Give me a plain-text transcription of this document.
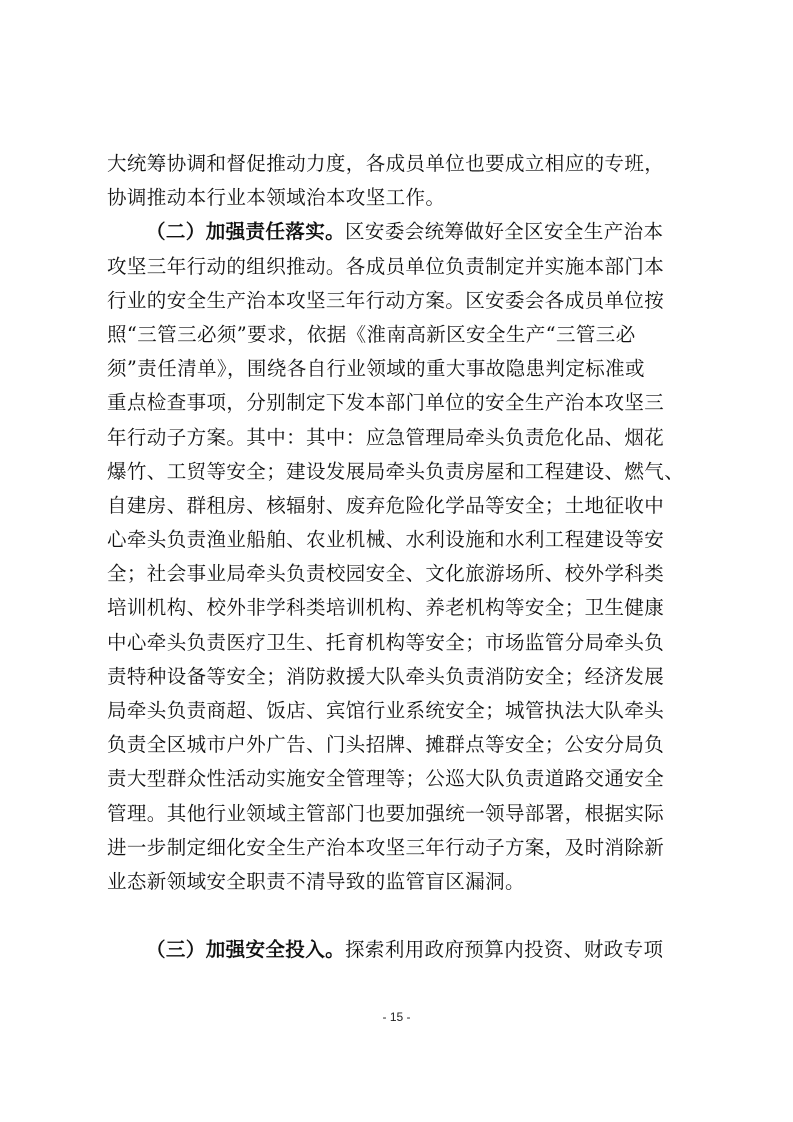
大统筹协调和督促推动力度，各成员单位也要成立相应的专班，
协调推动本行业本领域治本攻坚工作。
（二）加强责任落实。区安委会统筹做好全区安全生产治本
攻坚三年行动的组织推动。各成员单位负责制定并实施本部门本
行业的安全生产治本攻坚三年行动方案。区安委会各成员单位按
照“三管三必须”要求，依据《淮南高新区安全生产“三管三必
须”责任清单》，围绕各自行业领域的重大事故隐患判定标准或
重点检查事项，分别制定下发本部门单位的安全生产治本攻坚三
年行动子方案。其中：其中：应急管理局牵头负责危化品、烟花
爆竹、工贸等安全；建设发展局牵头负责房屋和工程建设、燃气、
自建房、群租房、核辐射、废弃危险化学品等安全；土地征收中
心牵头负责渔业船舶、农业机械、水利设施和水利工程建设等安
全；社会事业局牵头负责校园安全、文化旅游场所、校外学科类
培训机构、校外非学科类培训机构、养老机构等安全；卫生健康
中心牵头负责医疗卫生、托育机构等安全；市场监管分局牵头负
责特种设备等安全；消防救援大队牵头负责消防安全；经济发展
局牵头负责商超、饭店、宾馆行业系统安全；城管执法大队牵头
负责全区城市户外广告、门头招牌、摊群点等安全；公安分局负
责大型群众性活动实施安全管理等；公巡大队负责道路交通安全
管理。其他行业领域主管部门也要加强统一领导部署，根据实际
进一步制定细化安全生产治本攻坚三年行动子方案，及时消除新
业态新领域安全职责不清导致的监管盲区漏洞。
（三）加强安全投入。探索利用政府预算内投资、财政专项
- 15 -
